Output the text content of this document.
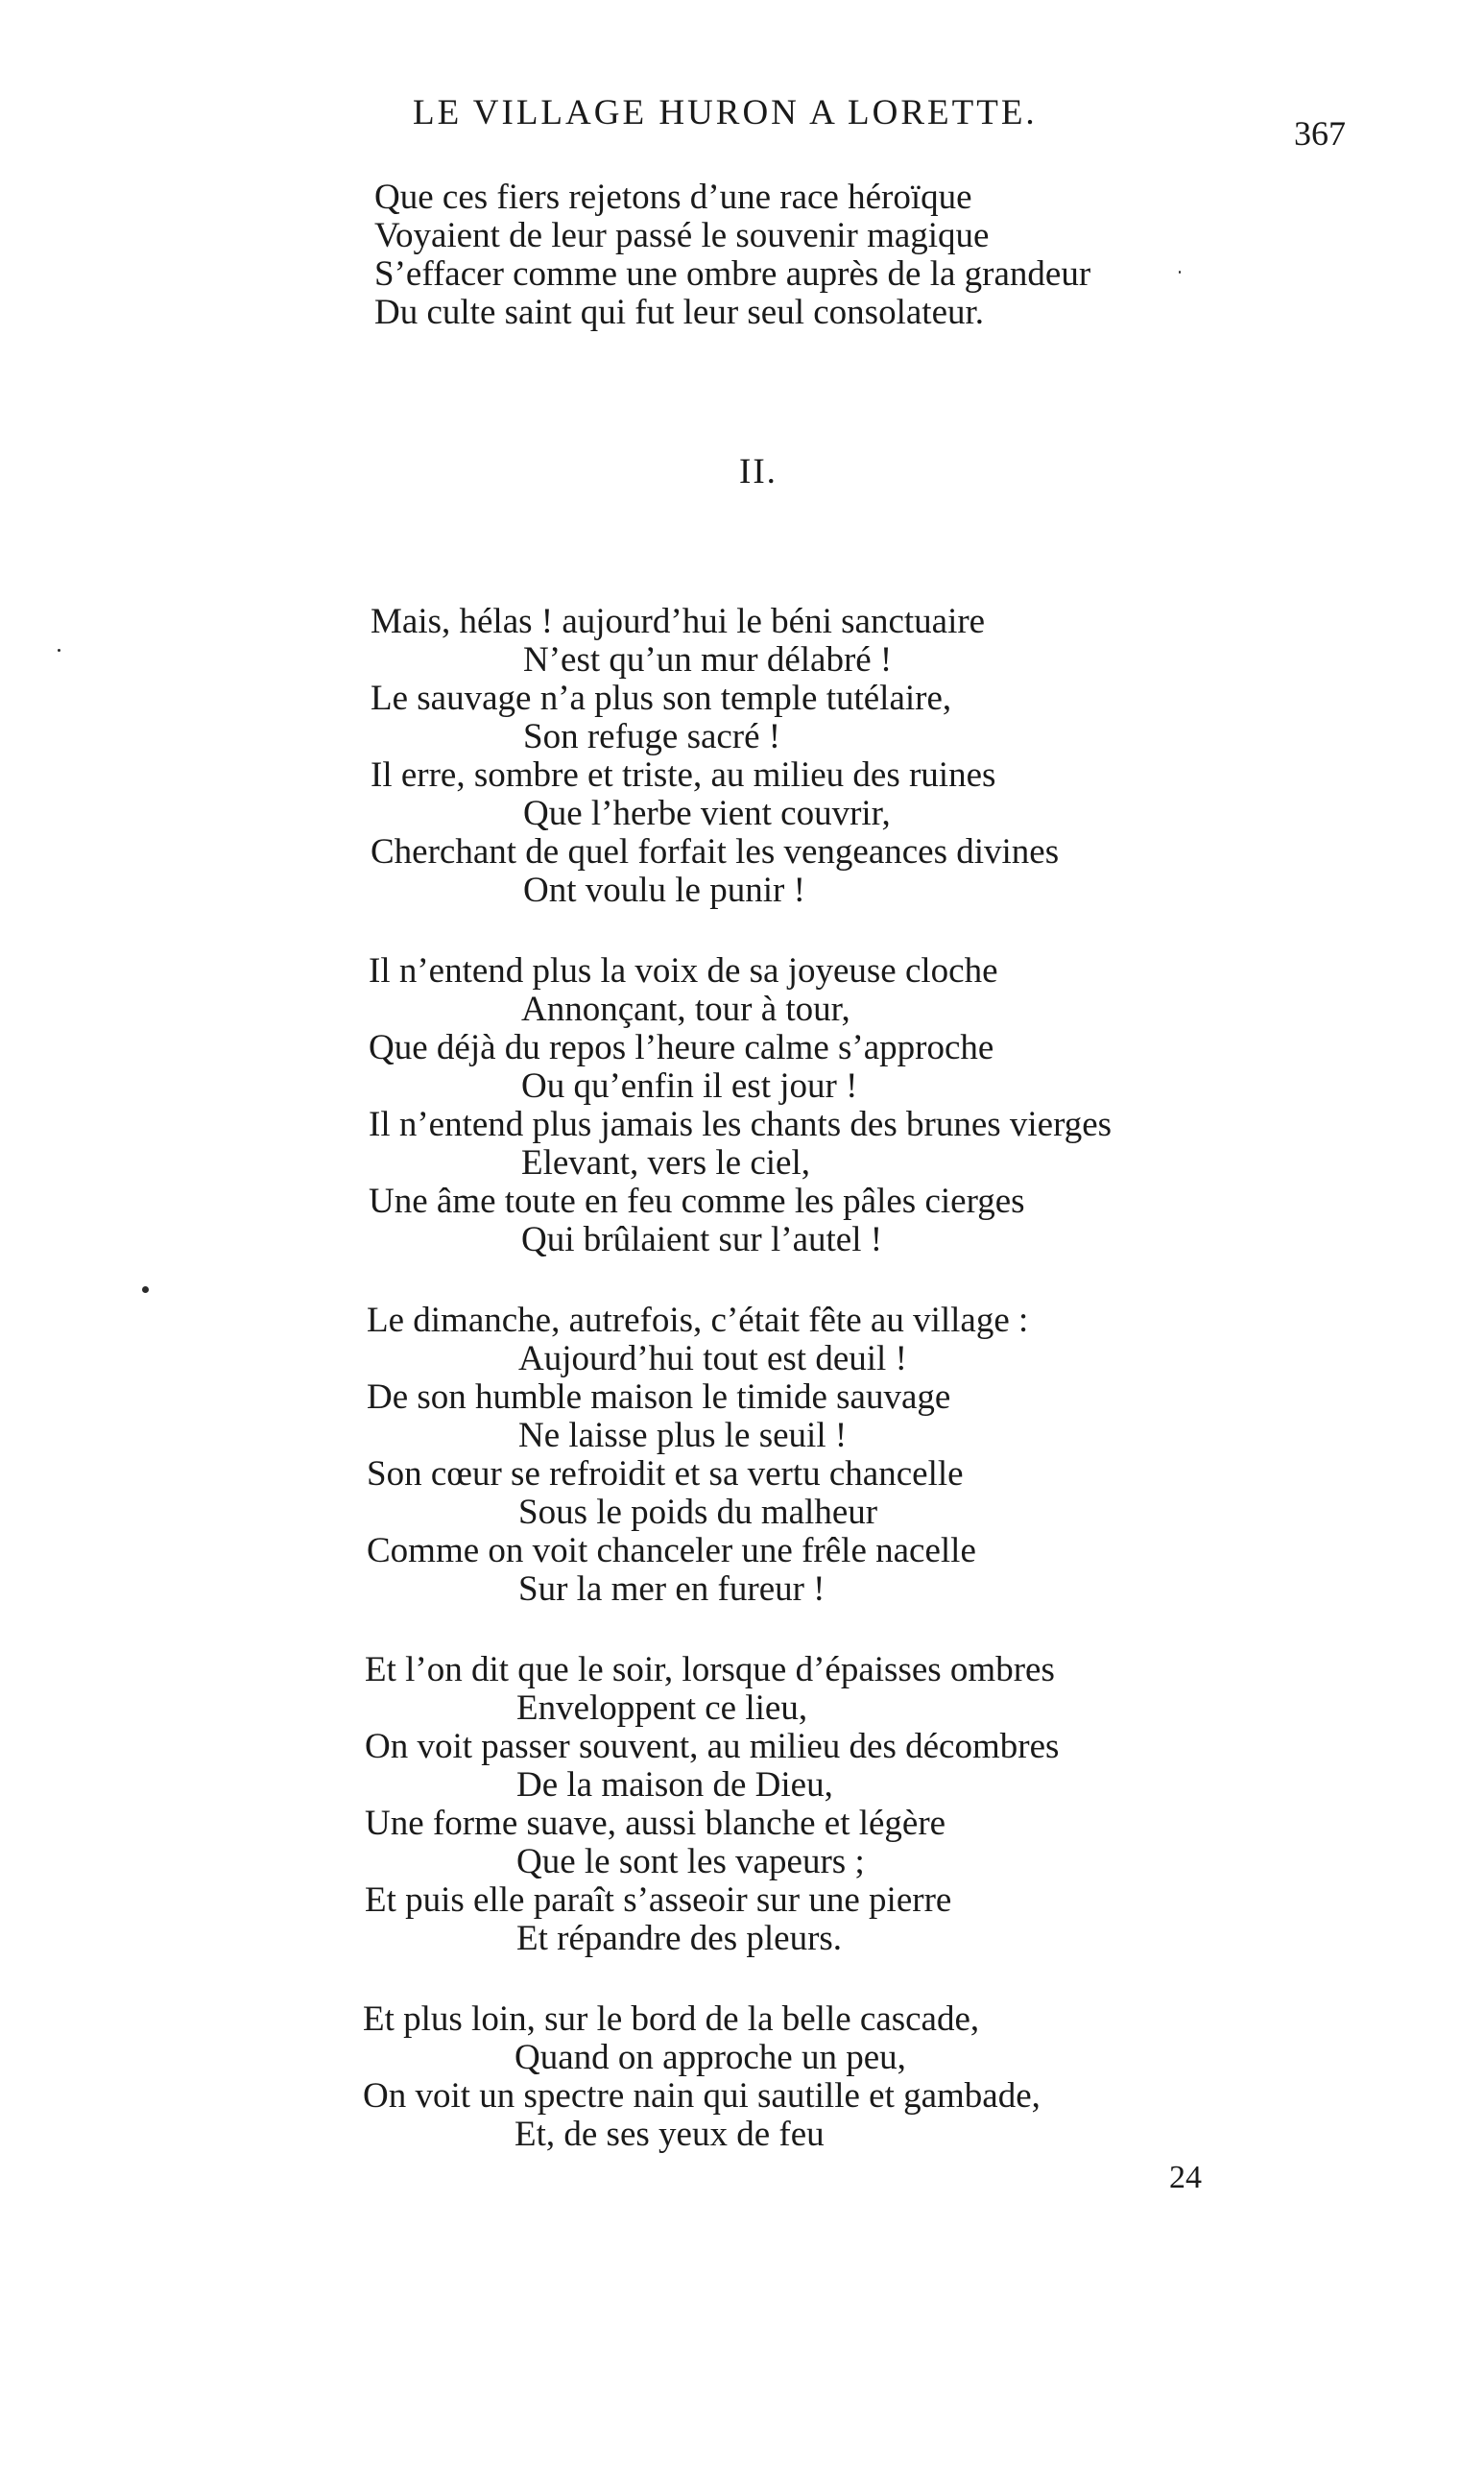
LE VILLAGE HURON A LORETTE.
367
Que ces fiers rejetons d’une race héroïque
Voyaient de leur passé le souvenir magique
S’effacer comme une ombre auprès de la grandeur
Du culte saint qui fut leur seul consolateur.
II.
Mais, hélas ! aujourd’hui le béni sanctuaire
N’est qu’un mur délabré !
Le sauvage n’a plus son temple tutélaire,
Son refuge sacré !
Il erre, sombre et triste, au milieu des ruines
Que l’herbe vient couvrir,
Cherchant de quel forfait les vengeances divines
Ont voulu le punir !
Il n’entend plus la voix de sa joyeuse cloche
Annonçant, tour à tour,
Que déjà du repos l’heure calme s’approche
Ou qu’enfin il est jour !
Il n’entend plus jamais les chants des brunes vierges
Elevant, vers le ciel,
Une âme toute en feu comme les pâles cierges
Qui brûlaient sur l’autel !
Le dimanche, autrefois, c’était fête au village :
Aujourd’hui tout est deuil !
De son humble maison le timide sauvage
Ne laisse plus le seuil !
Son cœur se refroidit et sa vertu chancelle
Sous le poids du malheur
Comme on voit chanceler une frêle nacelle
Sur la mer en fureur !
Et l’on dit que le soir, lorsque d’épaisses ombres
Enveloppent ce lieu,
On voit passer souvent, au milieu des décombres
De la maison de Dieu,
Une forme suave, aussi blanche et légère
Que le sont les vapeurs ;
Et puis elle paraît s’asseoir sur une pierre
Et répandre des pleurs.
Et plus loin, sur le bord de la belle cascade,
Quand on approche un peu,
On voit un spectre nain qui sautille et gambade,
Et, de ses yeux de feu
24
